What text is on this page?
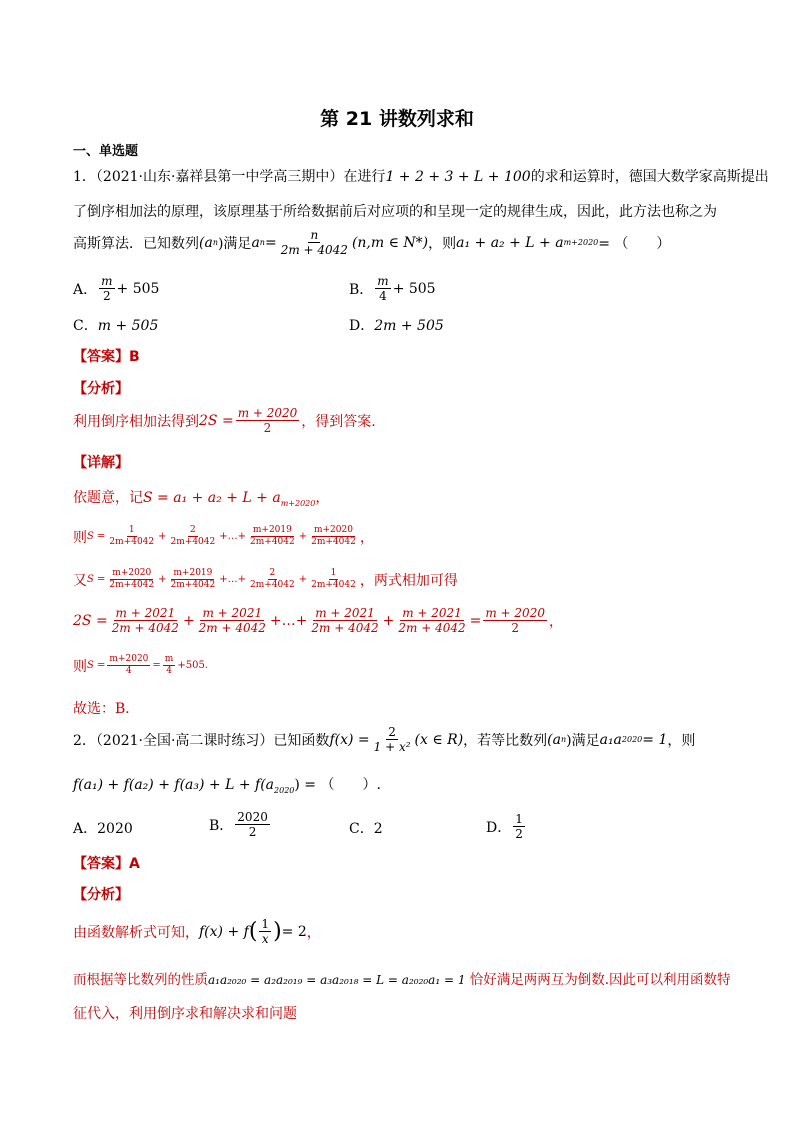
第 21 讲数列求和
一、单选题
1．（2021·山东·嘉祥县第一中学高三期中）在进行1 + 2 + 3 + L + 100的求和运算时，德国大数学家高斯提出
了倒序相加法的原理，该原理基于所给数据前后对应项的和呈现一定的规律生成，因此，此方法也称之为
高斯算法．已知数列 (a n )满足 a $n = \frac{n}{2m + 4042} (n,m$ ∈ N*) ，则 a₁ + a₂ + L + a m+2020 = （　　）
A． $\frac{m}{2} + 505$	B． $\frac{m}{4} + 505$
C．m + 505	D．2m + 505
【答案】B
【分析】
利用倒序相加法得到 $2S = \frac{m + 2020}{2}$ ，得到答案.
【详解】
依题意，记$S = a_1 + a_2 + L + a_{m+2020}$，
则 $S = \frac{1}{2m+4042} + \frac{2}{2m+4042}$ +…+ $\frac{m+2019}{2m+4042} + \frac{m+2020}{2m+4042}$ ，
又 $S = \frac{m+2020}{2m+4042} + \frac{m+2019}{2m+4042}$ +…+ $\frac{2}{2m+4042} + \frac{1}{2m+4042}$ ，两式相加可得
$2S = \frac{m + 2021}{2m + 4042} + \frac{m + 2021}{2m + 4042}$ +…+ $\frac{m + 2021}{2m + 4042} + \frac{m + 2021}{2m + 4042} = \frac{m + 2020}{2}$ ，
则 $S = \frac{m+2020}{4} = \frac{m}{4} +505$.
故选：B．
2．（2021·全国·高二课时练习）已知函数 $f(x) = \frac{2}{\text{1 + x²}} (x$ ∈ R) ，若等比数列 (a n )满足 a₁a 2020 = 1 ，则
$f(a_1) + f(a_2) + f(a_3) + L + f(a_{2020})$ = （　　）.
A．2020	B． $\frac{2020}{2}$	C．2	D． $\frac{1}{2}$
【答案】A
【分析】
由函数解析式可知， f(x) + f ( $\frac{1}{x}$ ) = 2 ，
而根据等比数列的性质a₁a₂₀₂₀ = a₂a₂₀₁₉ = a₃a₂₀₁₈ = L = a₂₀₂₀a₁ = 1 恰好满足两两互为倒数.因此可以利用函数特
征代入，利用倒序求和解决求和问题
